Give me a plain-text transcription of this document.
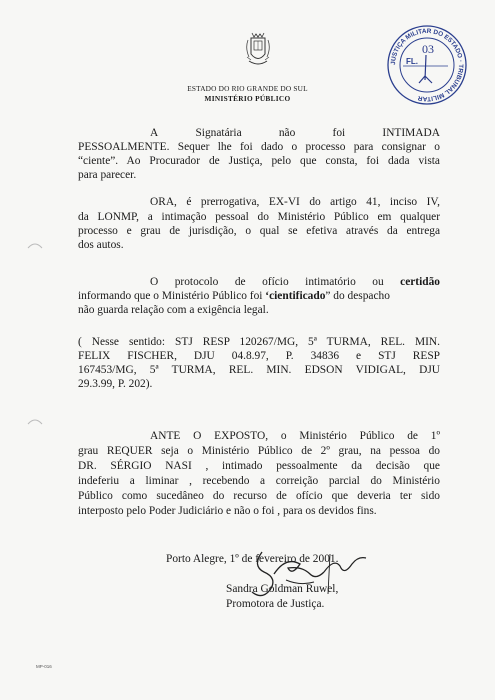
ESTADO DO RIO GRANDE DO SUL
MINISTÉRIO PÚBLICO
JUSTIÇA MILITAR DO ESTADO · TRIBUNAL MILITAR
FL.
03
A	Signatária	não	foi	INTIMADA
PESSOALMENTE. Sequer lhe foi dado o processo para consignar o
“ciente”. Ao Procurador de Justiça, pelo que consta, foi dada vista
para parecer.
ORA, é prerrogativa, EX-VI do artigo 41, inciso IV,
da LONMP, a intimação pessoal do Ministério Público em qualquer
processo e grau de jurisdição, o qual se efetiva através da entrega
dos autos.
O protocolo de ofício intimatório ou certidão
informando que o Ministério Público foi ‘cientificado” do despacho
não guarda relação com a exigência legal.
( Nesse sentido: STJ RESP 120267/MG, 5ª TURMA, REL. MIN.
FELIX FISCHER, DJU 04.8.97, P. 34836 e STJ RESP
167453/MG, 5ª TURMA, REL. MIN. EDSON VIDIGAL, DJU
29.3.99, P. 202).
ANTE O EXPOSTO, o Ministério Público de 1º
grau REQUER seja o Ministério Público de 2º grau, na pessoa do
DR. SÉRGIO NASI , intimado pessoalmente da decisão que
indeferiu a liminar , recebendo a correição parcial do Ministério
Público como sucedâneo do recurso de ofício que deveria ter sido
interposto pelo Poder Judiciário e não o foi , para os devidos fins.
Porto Alegre, 1º de fevereiro de 2001.
Sandra Goldman Ruwel,
Promotora de Justiça.
MP-016
